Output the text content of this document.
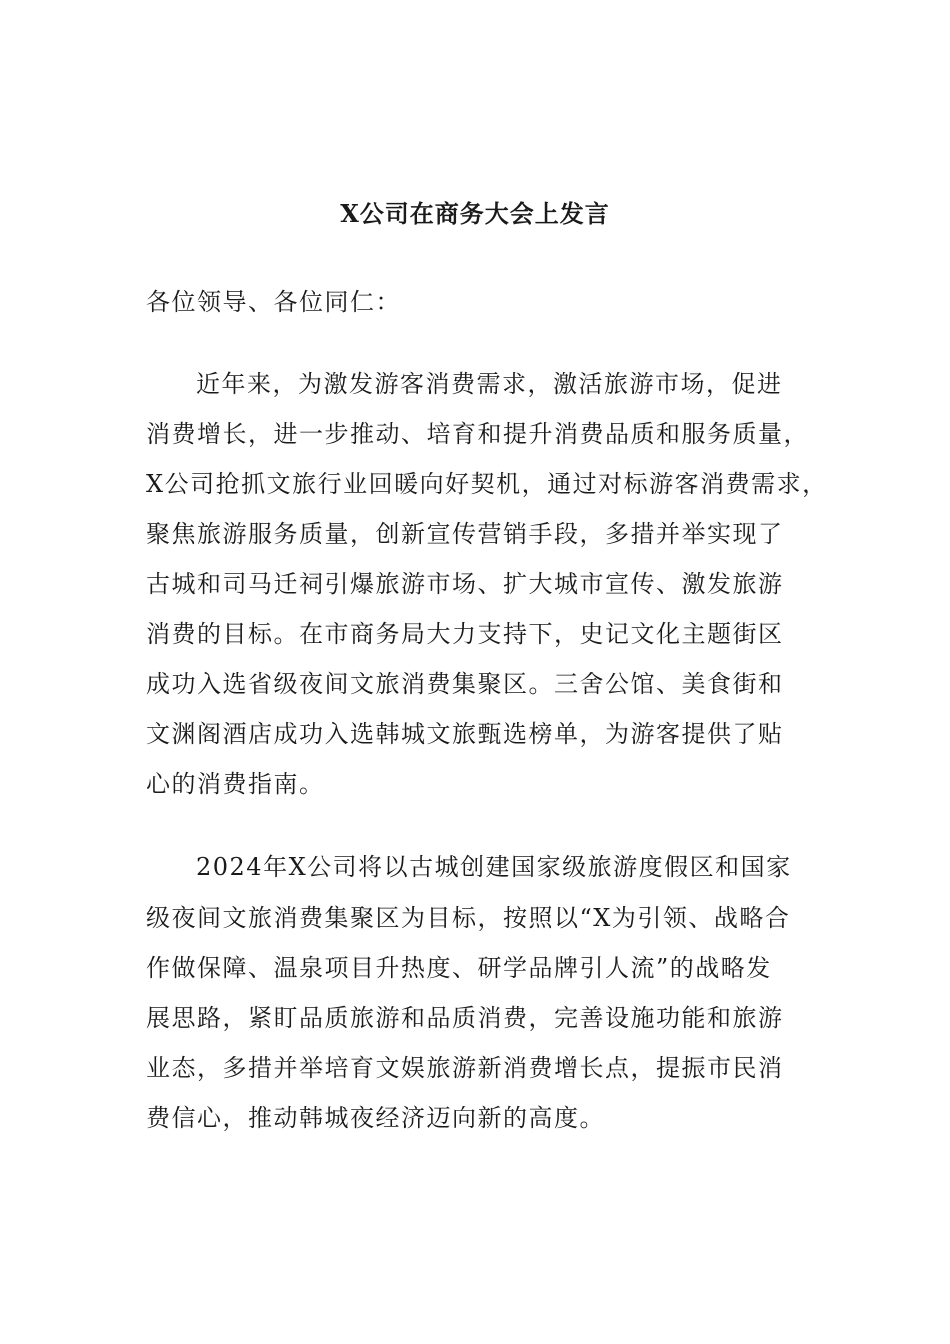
X公司在商务大会上发言
各位领导、各位同仁：
近年来，为激发游客消费需求，激活旅游市场，促进
消费增长，进一步推动、培育和提升消费品质和服务质量，
X公司抢抓文旅行业回暖向好契机，通过对标游客消费需求，
聚焦旅游服务质量，创新宣传营销手段，多措并举实现了
古城和司马迁祠引爆旅游市场、扩大城市宣传、激发旅游
消费的目标。在市商务局大力支持下，史记文化主题街区
成功入选省级夜间文旅消费集聚区。三舍公馆、美食街和
文渊阁酒店成功入选韩城文旅甄选榜单，为游客提供了贴
心的消费指南。
2024年X公司将以古城创建国家级旅游度假区和国家
级夜间文旅消费集聚区为目标，按照以“X为引领、战略合
作做保障、温泉项目升热度、研学品牌引人流”的战略发
展思路，紧盯品质旅游和品质消费，完善设施功能和旅游
业态，多措并举培育文娱旅游新消费增长点，提振市民消
费信心，推动韩城夜经济迈向新的高度。
